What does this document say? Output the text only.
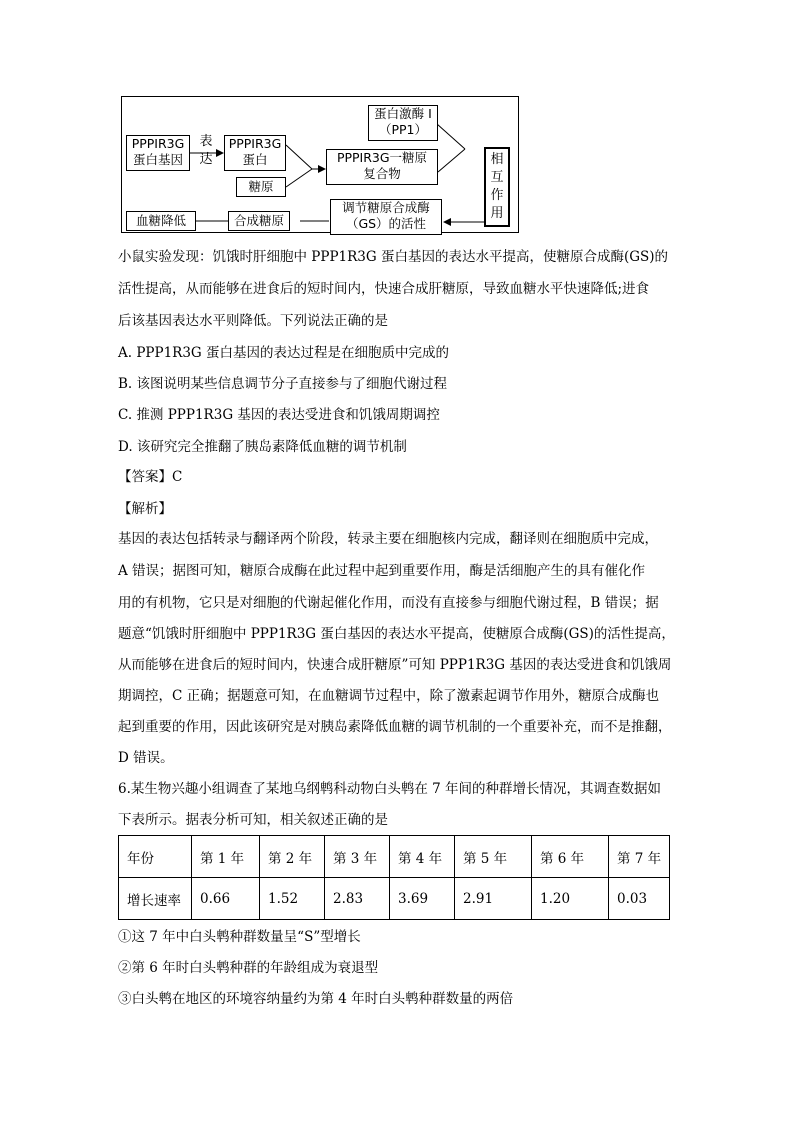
PPPIR3G
蛋白基因
表
达
PPPIR3G
蛋白
糖原
PPPIR3G一糖原
复合物
蛋白激酶 I
（PP1）
相
互
作
用
调节糖原合成酶
（GS）的活性
合成糖原
血糖降低
小鼠实验发现：饥饿时肝细胞中 PPP1R3G 蛋白基因的表达水平提高，使糖原合成酶(GS)的
活性提高，从而能够在进食后的短时间内，快速合成肝糖原，导致血糖水平快速降低;进食
后该基因表达水平则降低。下列说法正确的是
A. PPP1R3G 蛋白基因的表达过程是在细胞质中完成的
B. 该图说明某些信息调节分子直接参与了细胞代谢过程
C. 推测 PPP1R3G 基因的表达受进食和饥饿周期调控
D. 该研究完全推翻了胰岛素降低血糖的调节机制
【答案】C
【解析】
基因的表达包括转录与翻译两个阶段，转录主要在细胞核内完成，翻译则在细胞质中完成，
A 错误；据图可知，糖原合成酶在此过程中起到重要作用，酶是活细胞产生的具有催化作
用的有机物，它只是对细胞的代谢起催化作用，而没有直接参与细胞代谢过程，B 错误；据
题意“饥饿时肝细胞中 PPP1R3G 蛋白基因的表达水平提高，使糖原合成酶(GS)的活性提高，
从而能够在进食后的短时间内，快速合成肝糖原”可知 PPP1R3G 基因的表达受进食和饥饿周
期调控，C 正确；据题意可知，在血糖调节过程中，除了激素起调节作用外，糖原合成酶也
起到重要的作用，因此该研究是对胰岛素降低血糖的调节机制的一个重要补充，而不是推翻，
D 错误。
6.某生物兴趣小组调查了某地乌纲鹎科动物白头鹎在 7 年间的种群增长情况，其调查数据如
下表所示。据表分析可知，相关叙述正确的是
年份	第 1 年	第 2 年	第 3 年	第 4 年	第 5 年	第 6 年	第 7 年
增长速率	0.66	1.52	2.83	3.69	2.91	1.20	0.03
①这 7 年中白头鹎种群数量呈“S”型增长
②第 6 年时白头鹎种群的年龄组成为衰退型
③白头鹎在地区的环境容纳量约为第 4 年时白头鹎种群数量的两倍
